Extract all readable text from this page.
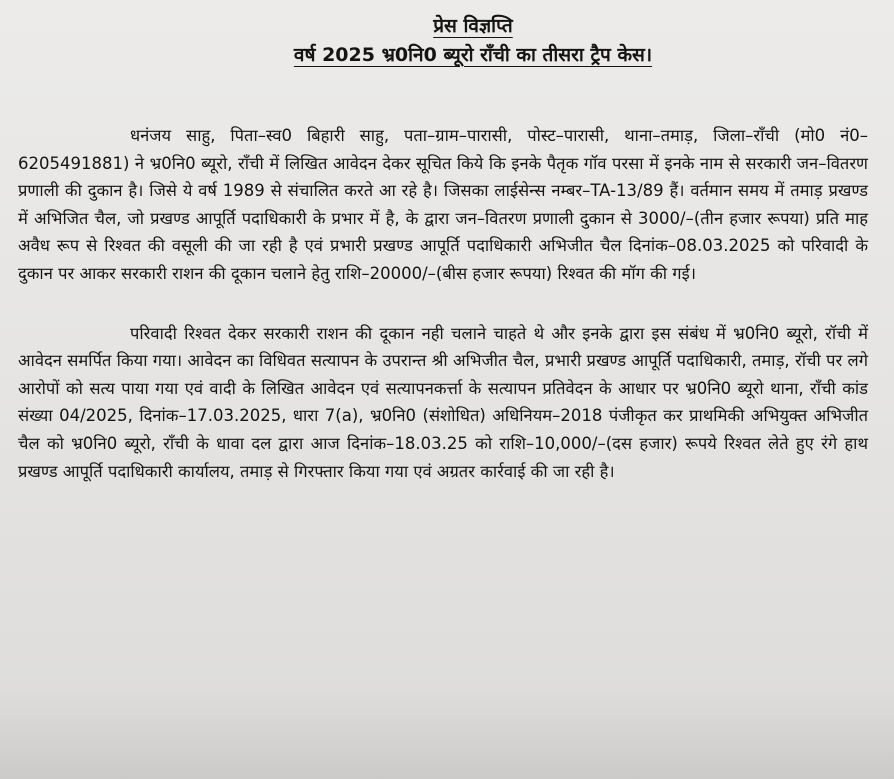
प्रेस विज्ञप्ति
वर्ष 2025 भ्र0नि0 ब्यूरो राँची का तीसरा ट्रैप केस।

धनंजय साहु, पिता–स्व0 बिहारी साहु, पता–ग्राम–पारासी, पोस्ट–पारासी, थाना–तमाड़, जिला–राँची (मो0 नं0–6205491881) ने भ्र0नि0 ब्यूरो, राँची में लिखित आवेदन देकर सूचित किये कि इनके पैतृक गॉव परसा में इनके नाम से सरकारी जन–वितरण प्रणाली की दुकान है। जिसे ये वर्ष 1989 से संचालित करते आ रहे है। जिसका लाईसेन्स नम्बर–TA-13/89 हैं। वर्तमान समय में तमाड़ प्रखण्ड में अभिजित चैल, जो प्रखण्ड आपूर्ति पदाधिकारी के प्रभार में है, के द्वारा जन–वितरण प्रणाली दुकान से 3000/–(तीन हजार रूपया) प्रति माह अवैध रूप से रिश्वत की वसूली की जा रही है एवं प्रभारी प्रखण्ड आपूर्ति पदाधिकारी अभिजीत चैल दिनांक–08.03.2025 को परिवादी के दुकान पर आकर सरकारी राशन की दूकान चलाने हेतु राशि–20000/–(बीस हजार रूपया) रिश्वत की मॉग की गई।

परिवादी रिश्वत देकर सरकारी राशन की दूकान नही चलाने चाहते थे और इनके द्वारा इस संबंध में भ्र0नि0 ब्यूरो, रॉची में आवेदन समर्पित किया गया। आवेदन का विधिवत सत्यापन के उपरान्त श्री अभिजीत चैल, प्रभारी प्रखण्ड आपूर्ति पदाधिकारी, तमाड़, रॉची पर लगे आरोपों को सत्य पाया गया एवं वादी के लिखित आवेदन एवं सत्यापनकर्त्ता के सत्यापन प्रतिवेदन के आधार पर भ्र0नि0 ब्यूरो थाना, राँची कांड संख्या 04/2025, दिनांक–17.03.2025, धारा 7(a), भ्र0नि0 (संशोधित) अधिनियम–2018 पंजीकृत कर प्राथमिकी अभियुक्त अभिजीत चैल को भ्र0नि0 ब्यूरो, राँची के धावा दल द्वारा आज दिनांक–18.03.25 को राशि–10,000/–(दस हजार) रूपये रिश्वत लेते हुए रंगे हाथ प्रखण्ड आपूर्ति पदाधिकारी कार्यालय, तमाड़ से गिरफ्तार किया गया एवं अग्रतर कार्रवाई की जा रही है।
